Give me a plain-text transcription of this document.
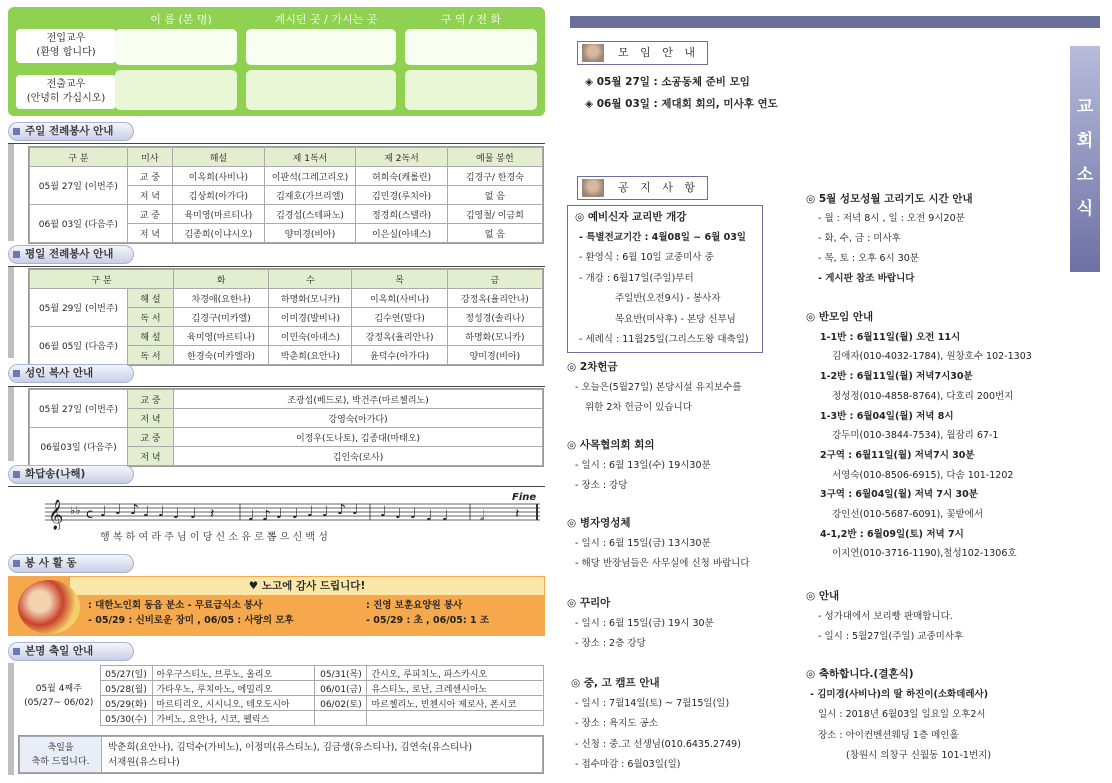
이 름 (본 명)	계시던 곳 / 가시는 곳	구 역 / 전 화
전입교우
(환영 합니다)
전출교우
(안녕히 가십시오)
주일 전례봉사 안내
구 분	미사	해설	제 1독서	제 2독서	예물 봉헌
05월 27일 (이번주)	교 중	이옥희(사비나)	이판석(그레고리오)	허희숙(캐롤린)	김경구/ 한경숙
	저 녁	김상희(아가다)	김재호(가브리엘)	김민경(루치아)	없 음
06월 03일 (다음주)	교 중	육미영(마르티나)	김경섭(스테파노)	정경희(스텔라)	김영철/ 이금희
	저 녁	김종희(이냐시오)	양미경(비아)	이은실(아녜스)	없 음
평일 전례봉사 안내
구 분		화	수	목	금
05월 29일 (이번주)	해 설	차경애(요한나)	하명화(모니카)	이옥희(사비나)	강정옥(율리안나)
	독 서	김경구(미카엘)	이미경(발비나)	김수연(말다)	정성경(솔리나)
06월 05일 (다음주)	해 설	육미영(마르티나)	이민숙(아녜스)	강정옥(율리안나)	하명화(모니카)
	독 서	한경숙(미카엘라)	박춘희(요안나)	윤덕수(아가다)	양미경(비아)
성인 복사 안내
05월 27일 (이번주)	교 중	조광섭(베드로), 박건주(마르첼리노)
	저 녁	강영숙(아가다)
06월03일 (다음주)	교 중	이정우(도나토), 김종대(마태오)
	저 녁	김인숙(로사)
화답송(나해)
𝄞 ♭♭ c ♩ ♩ ♪ ♩ ♩ ♩ ♩ 𝄽 ♩ ♪ ♩ ♩ ♩ ♩ ♪ ♩ ♩ ♩ ♩ ♩ ♩ 𝅗𝅥 𝄽
Fine
행 복 하 여 라 주 님 이 당 신 소 유 로 뽑 으 신 백 성
봉 사 활 동
♥ 노고에 감사 드립니다!
: 대한노인회 동읍 분소 - 무료급식소 봉사
- 05/29 : 신비로운 장미 , 06/05 : 사랑의 모후
: 진영 보훈요양원 봉사
- 05/29 : 초 , 06/05: 1 조
본명 축일 안내
05월 4째주
(05/27~ 06/02)	05/27(일)	아우구스티노, 브루노, 올리오	05/31(목)	간시오, 루피치노, 파스카시오
	05/28(월)	가타우노, 루치아노, 에밀리오	06/01(금)	유스티노, 로난, 크레센시아노
	05/29(화)	마르티리오, 시시니오, 테오도시아	06/02(토)	마르첼리노, 빈첸시아 제로사, 폰시코
	05/30(수)	가비노, 요안나, 시코, 펠릭스		
축일을
축하 드립니다.

박춘희(요안나), 김덕수(가비노), 이정미(유스티노), 김금생(유스티나), 김연숙(유스티나)
서재원(유스티나)
교
회
소
식
모 임 안 내
◈ 05월 27일 : 소공동체 준비 모임
◈ 06월 03일 : 제대회 회의, 미사후 연도
공 지 사 항
◎ 예비신자 교리반 개강
- 특별전교기간 : 4월08일 ~ 6월 03일
- 환영식 : 6월 10일 교중미사 중
- 개강 : 6월17일(주일)부터
주일반(오전9시) - 봉사자
목요반(미사후) - 본당 신부님
- 세례식 : 11월25일(그리스도왕 대축일)
◎ 2차헌금
- 오늘은(5월27일) 본당시설 유지보수를
위한 2차 헌금이 있습니다
◎ 사목협의회 회의
- 일시 : 6월 13일(수) 19시30분
- 장소 : 강당
◎ 병자영성체
- 일시 : 6월 15일(금) 13시30분
- 해당 반장님들은 사무실에 신청 바랍니다
◎ 꾸리아
- 일시 : 6월 15일(금) 19시 30분
- 장소 : 2층 강당
◎ 중, 고 캠프 안내
- 일시 : 7월14일(토) ~ 7월15일(일)
- 장소 : 욕지도 공소
- 신청 : 중.고 선생님(010.6435.2749)
- 접수마감 : 6월03일(일)
◎ 5월 성모성월 고리기도 시간 안내
- 월 : 저녁 8시 , 일 : 오전 9시20분
- 화, 수, 금 : 미사후
- 목, 토 : 오후 6시 30분
- 게시판 참조 바랍니다
◎ 반모임 안내
1-1반 : 6월11일(월) 오전 11시
김애자(010-4032-1784), 원창호수 102-1303
1-2반 : 6월11일(월) 저녁7시30분
정성정(010-4858-8764), 다호리 200번지
1-3반 : 6월04일(월) 저녁 8시
강두미(010-3844-7534), 월잠리 67-1
2구역 : 6월11일(월) 저녁7시 30분
서영숙(010-8506-6915), 다솜 101-1202
3구역 : 6월04일(월) 저녁 7시 30분
강인선(010-5687-6091), 꽃밭에서
4-1,2반 : 6월09일(토) 저녁 7시
이지연(010-3716-1190),철성102-1306호
◎ 안내
- 성가대에서 보리빵 판매합니다.
- 일시 : 5월27일(주일) 교중미사후
◎ 축하합니다.(결혼식)
- 김미경(사비나)의 딸 하진이(소화데레사)
일시 : 2018년 6월03일 일요일 오후2시
장소 : 아이컨벤션웨딩 1층 메인홀
(창원시 의창구 신월동 101-1번지)
